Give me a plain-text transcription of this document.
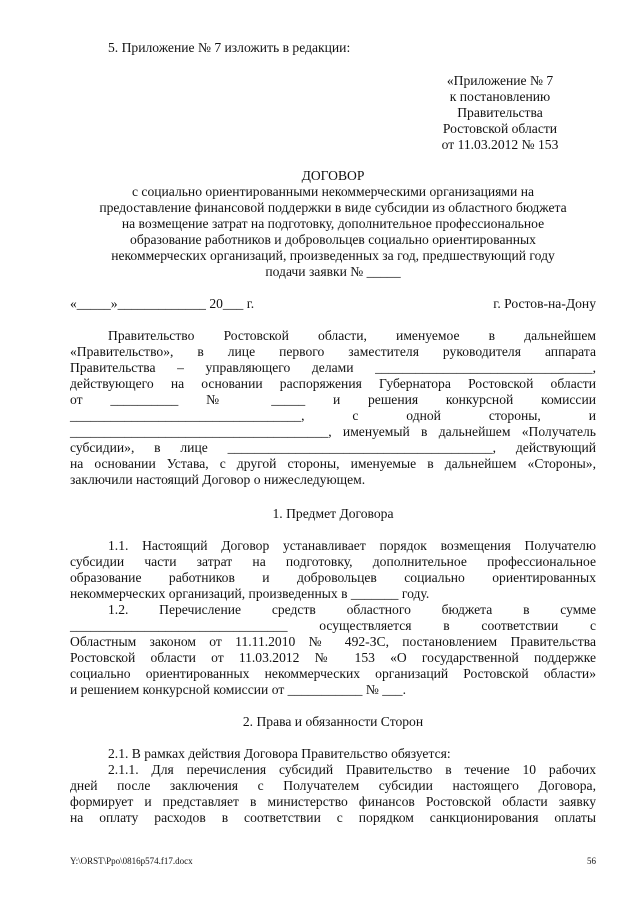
5. Приложение № 7 изложить в редакции:
«Приложение № 7
к постановлению
Правительства
Ростовской области
от 11.03.2012 № 153
ДОГОВОР
с социально ориентированными некоммерческими организациями на
предоставление финансовой поддержки в виде субсидии из областного бюджета
на возмещение затрат на подготовку, дополнительное профессиональное
образование работников и добровольцев социально ориентированных
некоммерческих организаций, произведенных за год, предшествующий году
подачи заявки № _____
«_____»_____________ 20___ г.	г. Ростов-на-Дону
Правительство Ростовской области, именуемое в дальнейшем
«Правительство», в лице первого заместителя руководителя аппарата
Правительства – управляющего делами ________________________________,
действующего на основании распоряжения Губернатора Ростовской области
от __________ № _____ и решения конкурсной комиссии
__________________________________, с одной стороны, и
______________________________________, именуемый в дальнейшем «Получатель
субсидии», в лице _______________________________________, действующий
на основании Устава, с другой стороны, именуемые в дальнейшем «Стороны»,
заключили настоящий Договор о нижеследующем.
1. Предмет Договора
1.1. Настоящий Договор устанавливает порядок возмещения Получателю
субсидии части затрат на подготовку, дополнительное профессиональное
образование работников и добровольцев социально ориентированных
некоммерческих организаций, произведенных в _______ году.
1.2. Перечисление средств областного бюджета в сумме
________________________________ осуществляется в соответствии с
Областным законом от 11.11.2010 № 492-ЗС, постановлением Правительства
Ростовской области от 11.03.2012 № 153 «О государственной поддержке
социально ориентированных некоммерческих организаций Ростовской области»
и решением конкурсной комиссии от ___________ № ___.
2. Права и обязанности Сторон
2.1. В рамках действия Договора Правительство обязуется:
2.1.1. Для перечисления субсидий Правительство в течение 10 рабочих
дней после заключения с Получателем субсидии настоящего Договора,
формирует и представляет в министерство финансов Ростовской области заявку
на оплату расходов в соответствии с порядком санкционирования оплаты
Y:\ORST\Ppo\0816p574.f17.docx	56
